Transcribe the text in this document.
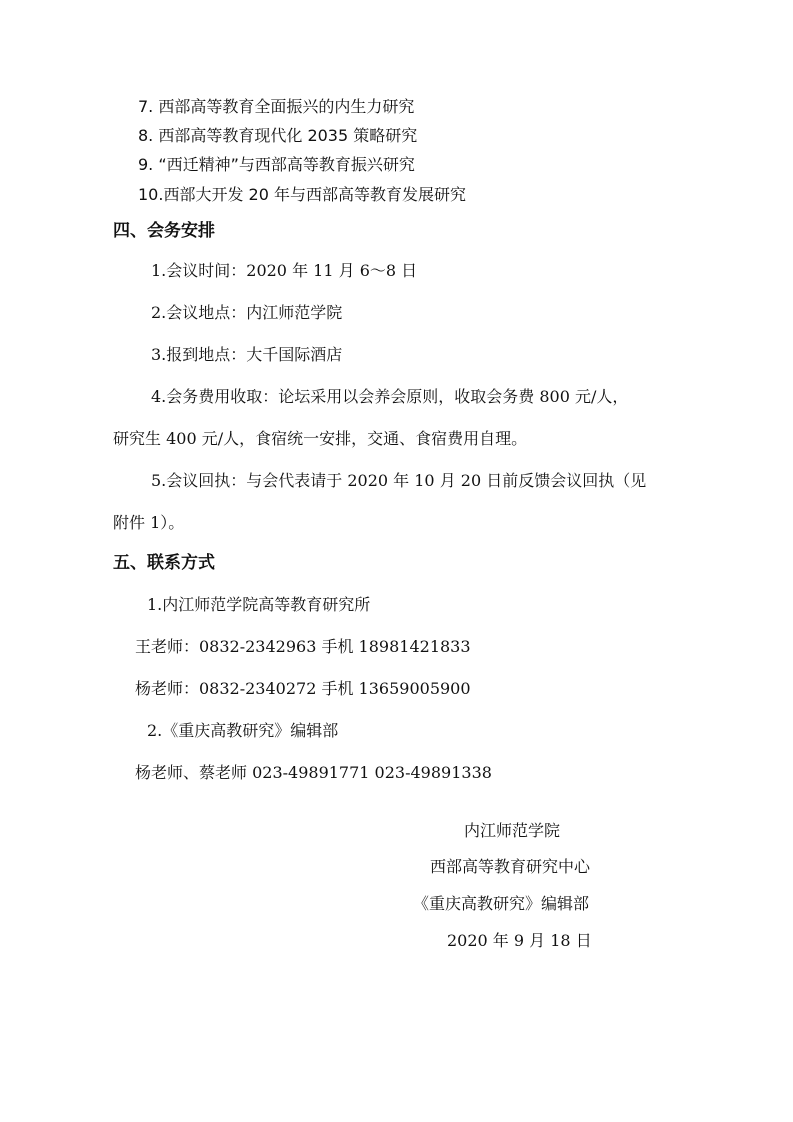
7. 西部高等教育全面振兴的内生力研究
8. 西部高等教育现代化 2035 策略研究
9. “西迁精神”与西部高等教育振兴研究
10.西部大开发 20 年与西部高等教育发展研究
四、会务安排
1.会议时间：2020 年 11 月 6～8 日
2.会议地点：内江师范学院
3.报到地点：大千国际酒店
4.会务费用收取：论坛采用以会养会原则，收取会务费 800 元/人，
研究生 400 元/人，食宿统一安排，交通、食宿费用自理。
5.会议回执：与会代表请于 2020 年 10 月 20 日前反馈会议回执（见
附件 1）。
五、联系方式
1.内江师范学院高等教育研究所
王老师：0832-2342963 手机 18981421833
杨老师：0832-2340272 手机 13659005900
2.《重庆高教研究》编辑部
杨老师、蔡老师 023-49891771 023-49891338
内江师范学院
西部高等教育研究中心
《重庆高教研究》编辑部
2020 年 9 月 18 日
